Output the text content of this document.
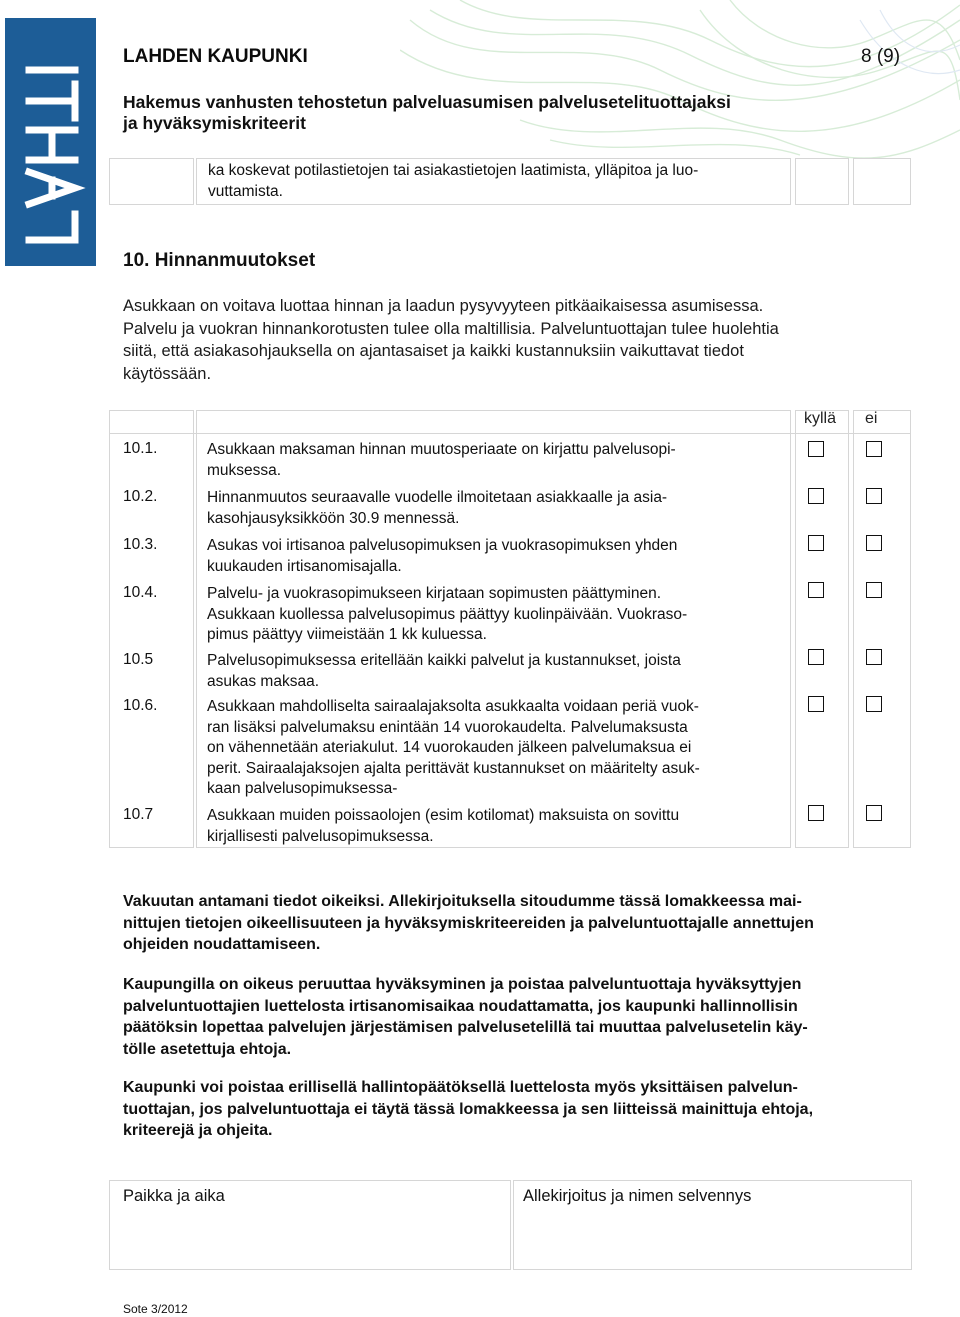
LAHDEN KAUPUNKI	8 (9)
Hakemus vanhusten tehostetun palveluasumisen palvelusetelituottajaksi
ja hyväksymiskriteerit
ka koskevat potilastietojen tai asiakastietojen laatimista, ylläpitoa ja luo-
vuttamista.
10. Hinnanmuutokset

Asukkaan on voitava luottaa hinnan ja laadun pysyvyyteen pitkäaikaisessa asumisessa.

Palvelu ja vuokran hinnankorotusten tulee olla maltillisia. Palveluntuottajan tulee huolehtia

siitä, että asiakasohjauksella on ajantasaiset ja kaikki kustannuksiin vaikuttavat tiedot

käytössään.

kyllä ei
10.1.	Asukkaan maksaman hinnan muutosperiaate on kirjattu palvelusopi-
muksessa.
10.2.	Hinnanmuutos seuraavalle vuodelle ilmoitetaan asiakkaalle ja asia-
kasohjausyksikköön 30.9 mennessä.
10.3.	Asukas voi irtisanoa palvelusopimuksen ja vuokrasopimuksen yhden
kuukauden irtisanomisajalla.
10.4.	Palvelu- ja vuokrasopimukseen kirjataan sopimusten päättyminen.
Asukkaan kuollessa palvelusopimus päättyy kuolinpäivään. Vuokraso-
pimus päättyy viimeistään 1 kk kuluessa.
10.5	Palvelusopimuksessa eritellään kaikki palvelut ja kustannukset, joista
asukas maksaa.
10.6.	Asukkaan mahdolliselta sairaalajaksolta asukkaalta voidaan periä vuok-
ran lisäksi palvelumaksu enintään 14 vuorokaudelta. Palvelumaksusta
on vähennetään ateriakulut. 14 vuorokauden jälkeen palvelumaksua ei
perit. Sairaalajaksojen ajalta perittävät kustannukset on määritelty asuk-
kaan palvelusopimuksessa-
10.7	Asukkaan muiden poissaolojen (esim kotilomat) maksuista on sovittu
kirjallisesti palvelusopimuksessa.
Vakuutan antamani tiedot oikeiksi. Allekirjoituksella sitoudumme tässä lomakkeessa mai-
nittujen tietojen oikeellisuuteen ja hyväksymiskriteereiden ja palveluntuottajalle annettujen
ohjeiden noudattamiseen.
Kaupungilla on oikeus peruuttaa hyväksyminen ja poistaa palveluntuottaja hyväksyttyjen
palveluntuottajien luettelosta irtisanomisaikaa noudattamatta, jos kaupunki hallinnollisin
päätöksin lopettaa palvelujen järjestämisen palvelusetelillä tai muuttaa palvelusetelin käy-
tölle asetettuja ehtoja.
Kaupunki voi poistaa erillisellä hallintopäätöksellä luettelosta myös yksittäisen palvelun-
tuottajan, jos palveluntuottaja ei täytä tässä lomakkeessa ja sen liitteissä mainittuja ehtoja,
kriteerejä ja ohjeita.
Paikka ja aika	Allekirjoitus ja nimen selvennys
Sote 3/2012
